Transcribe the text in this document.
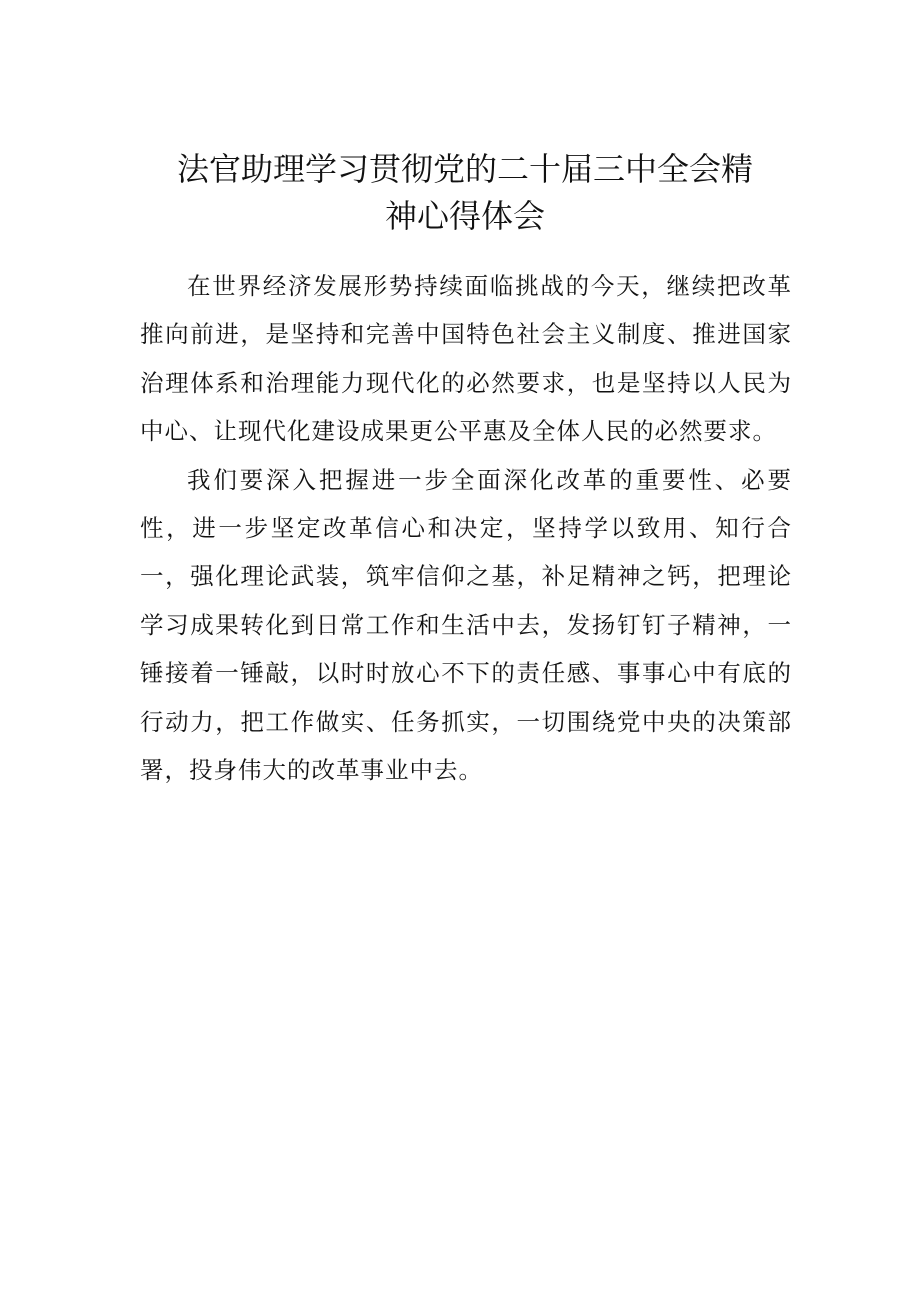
法官助理学习贯彻党的二十届三中全会精
神心得体会

在世界经济发展形势持续面临挑战的今天，继续把改革推向前进，是坚持和完善中国特色社会主义制度、推进国家治理体系和治理能力现代化的必然要求，也是坚持以人民为中心、让现代化建设成果更公平惠及全体人民的必然要求。

我们要深入把握进一步全面深化改革的重要性、必要性，进一步坚定改革信心和决定，坚持学以致用、知行合一，强化理论武装，筑牢信仰之基，补足精神之钙，把理论学习成果转化到日常工作和生活中去，发扬钉钉子精神，一锤接着一锤敲，以时时放心不下的责任感、事事心中有底的行动力，把工作做实、任务抓实，一切围绕党中央的决策部署，投身伟大的改革事业中去。
